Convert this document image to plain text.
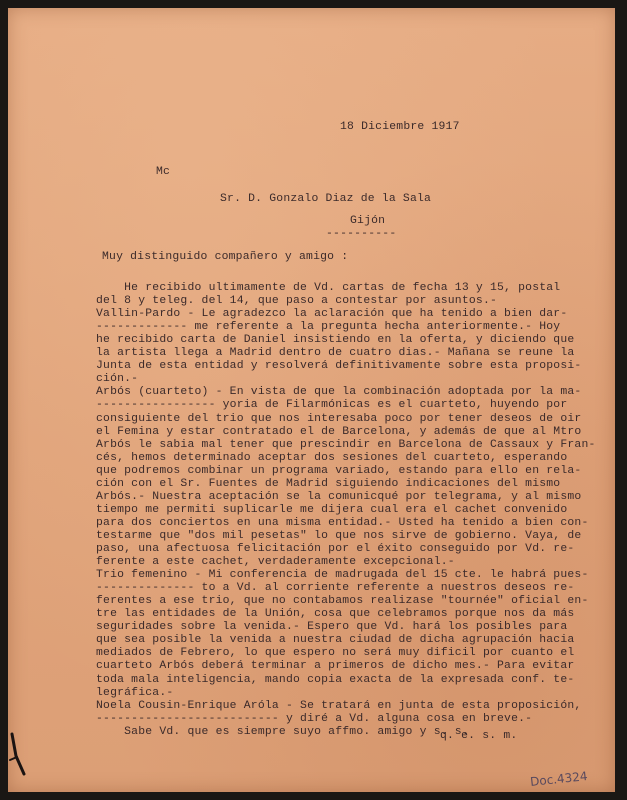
18 Diciembre 1917
Mc
Sr. D. Gonzalo Diaz de la Sala
Gijón
----------
Muy distinguido compañero y amigo :
He recibido ultimamente de Vd. cartas de fecha 13 y 15, postal
del 8 y teleg. del 14, que paso a contestar por asuntos.-
Vallin-Pardo - Le agradezco la aclaración que ha tenido a bien dar-
------------- me referente a la pregunta hecha anteriormente.- Hoy
he recibido carta de Daniel insistiendo en la oferta, y diciendo que
la artista llega a Madrid dentro de cuatro dias.- Mañana se reune la
Junta de esta entidad y resolverá definitivamente sobre esta proposi-
ción.-
Arbós (cuarteto) - En vista de que la combinación adoptada por la ma-
----------------- yoria de Filarmónicas es el cuarteto, huyendo por
consiguiente del trio que nos interesaba poco por tener deseos de oir
el Femina y estar contratado el de Barcelona, y además de que al Mtro
Arbós le sabia mal tener que prescindir en Barcelona de Cassaux y Fran-
cés, hemos determinado aceptar dos sesiones del cuarteto, esperando
que podremos combinar un programa variado, estando para ello en rela-
ción con el Sr. Fuentes de Madrid siguiendo indicaciones del mismo
Arbós.- Nuestra aceptación se la comunicqué por telegrama, y al mismo
tiempo me permiti suplicarle me dijera cual era el cachet convenido
para dos conciertos en una misma entidad.- Usted ha tenido a bien con-
testarme que "dos mil pesetas" lo que nos sirve de gobierno. Vaya, de
paso, una afectuosa felicitación por el éxito conseguido por Vd. re-
ferente a este cachet, verdaderamente excepcional.-
Trio femenino - Mi conferencia de madrugada del 15 cte. le habrá pues-
-------------- to a Vd. al corriente referente a nuestros deseos re-
ferentes a ese trio, que no contabamos realizase "tournée" oficial en-
tre las entidades de la Unión, cosa que celebramos porque nos da más
seguridades sobre la venida.- Espero que Vd. hará los posibles para
que sea posible la venida a nuestra ciudad de dicha agrupación hacia
mediados de Febrero, lo que espero no será muy dificil por cuanto el
cuarteto Arbós deberá terminar a primeros de dicho mes.- Para evitar
toda mala inteligencia, mando copia exacta de la expresada conf. te-
legráfica.-
Noela Cousin-Enrique Aróla - Se tratará en junta de esta proposición,
-------------------------- y diré a Vd. alguna cosa en breve.-
Sabe Vd. que es siempre suyo affmo. amigo y s. s.
q. e. s. m.
Doc.4324
